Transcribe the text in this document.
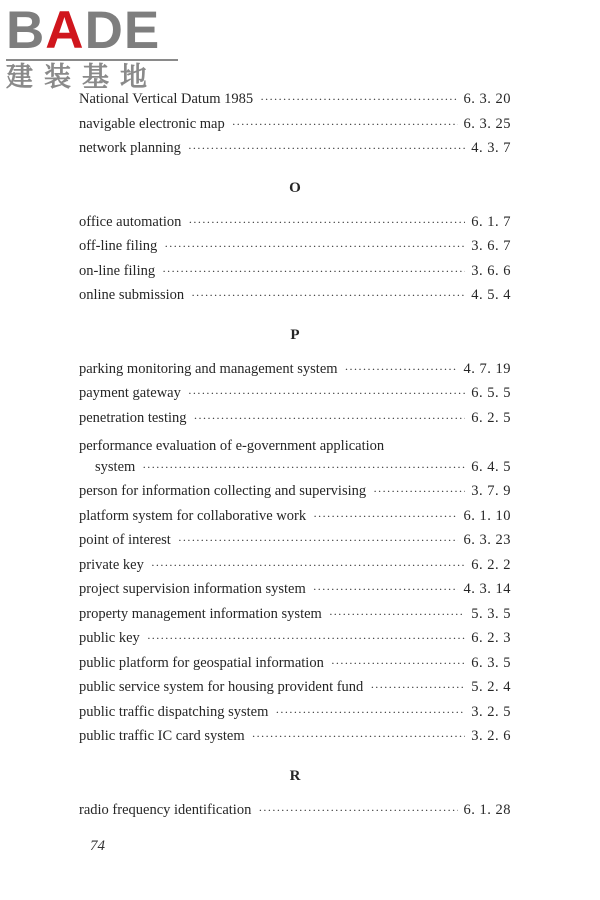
BADE
建装基地
National Vertical Datum 1985 ·····	6. 3. 20
navigable electronic map ·····	6. 3. 25
network planning ·····	4. 3. 7
O
office automation ·····	6. 1. 7
off-line filing ·····	3. 6. 7
on-line filing ·····	3. 6. 6
online submission ·····	4. 5. 4
P
parking monitoring and management system ·····	4. 7. 19
payment gateway ·····	6. 5. 5
penetration testing ·····	6. 2. 5
performance evaluation of e-government application
system ·····	6. 4. 5
person for information collecting and supervising ·····	3. 7. 9
platform system for collaborative work ·····	6. 1. 10
point of interest ·····	6. 3. 23
private key ·····	6. 2. 2
project supervision information system ·····	4. 3. 14
property management information system ·····	5. 3. 5
public key ·····	6. 2. 3
public platform for geospatial information ·····	6. 3. 5
public service system for housing provident fund ·····	5. 2. 4
public traffic dispatching system ·····	3. 2. 5
public traffic IC card system ·····	3. 2. 6
R
radio frequency identification ·····	6. 1. 28
74
